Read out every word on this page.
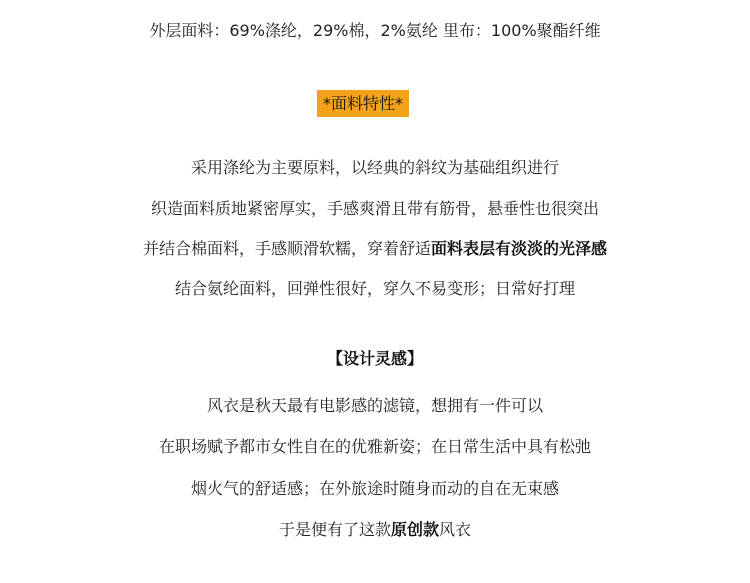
外层面料：69%涤纶，29%棉，2%氨纶 里布：100%聚酯纤维
*面料特性*
采用涤纶为主要原料，以经典的斜纹为基础组织进行
织造面料质地紧密厚实，手感爽滑且带有筋骨，悬垂性也很突出
并结合棉面料，手感顺滑软糯，穿着舒适面料表层有淡淡的光泽感
结合氨纶面料，回弹性很好，穿久不易变形；日常好打理
【设计灵感】
风衣是秋天最有电影感的滤镜，想拥有一件可以
在职场赋予都市女性自在的优雅新姿；在日常生活中具有松弛
烟火气的舒适感；在外旅途时随身而动的自在无束感
于是便有了这款原创款风衣
